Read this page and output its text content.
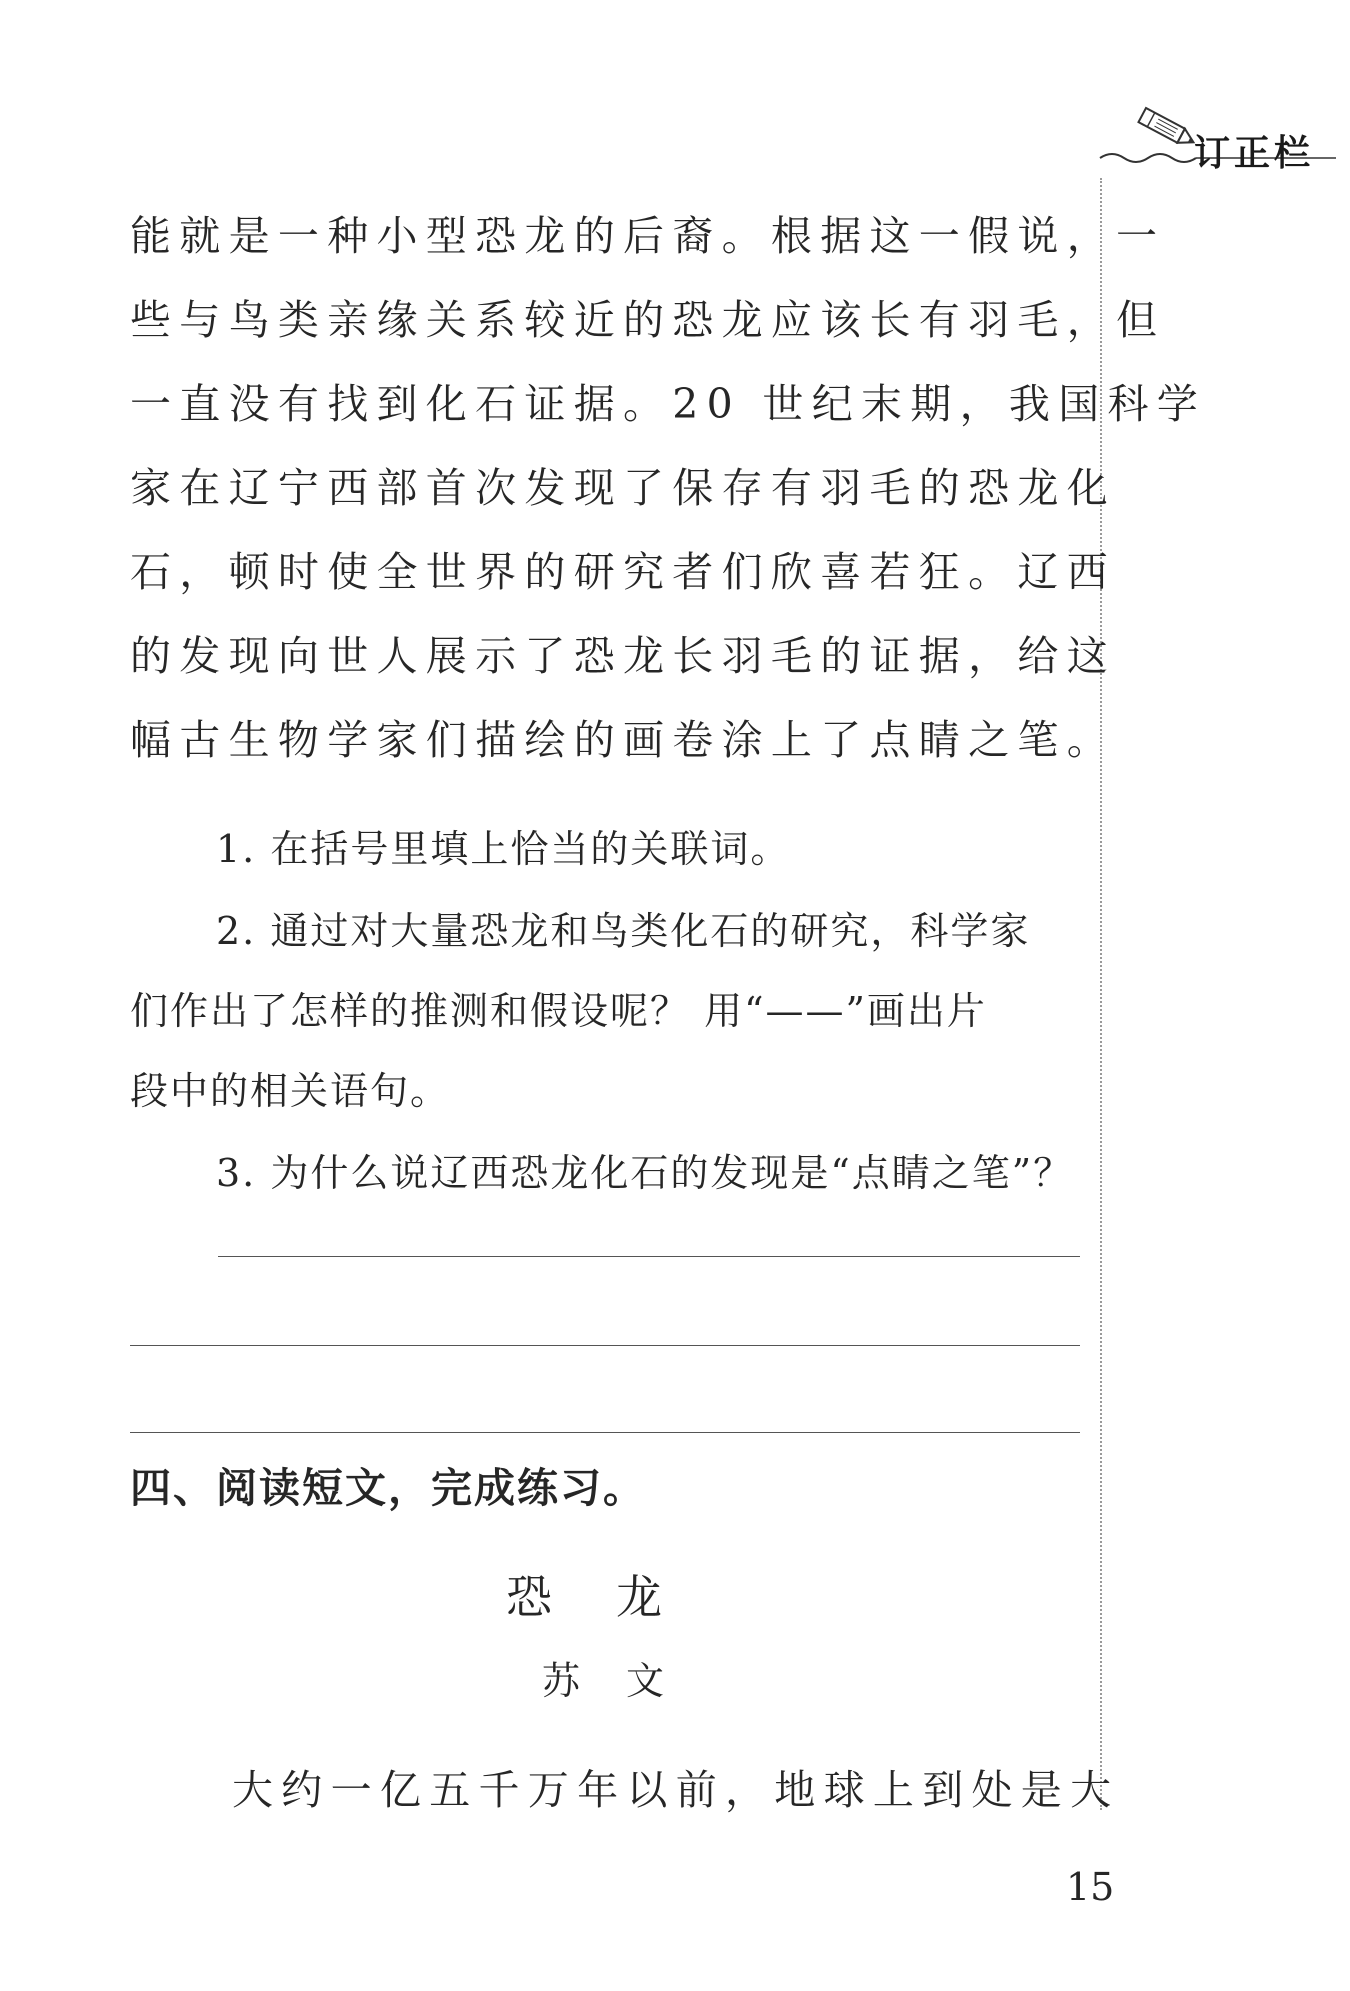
订正栏
能就是一种小型恐龙的后裔。根据这一假说，一
些与鸟类亲缘关系较近的恐龙应该长有羽毛，但
一直没有找到化石证据。20 世纪末期，我国科学
家在辽宁西部首次发现了保存有羽毛的恐龙化
石，顿时使全世界的研究者们欣喜若狂。辽西
的发现向世人展示了恐龙长羽毛的证据，给这
幅古生物学家们描绘的画卷涂上了点睛之笔。
1. 在括号里填上恰当的关联词。
2. 通过对大量恐龙和鸟类化石的研究，科学家
们作出了怎样的推测和假设呢？ 用“——”画出片
段中的相关语句。
3. 为什么说辽西恐龙化石的发现是“点睛之笔”？
四、阅读短文，完成练习。
恐龙
苏文
大约一亿五千万年以前，地球上到处是大
15
